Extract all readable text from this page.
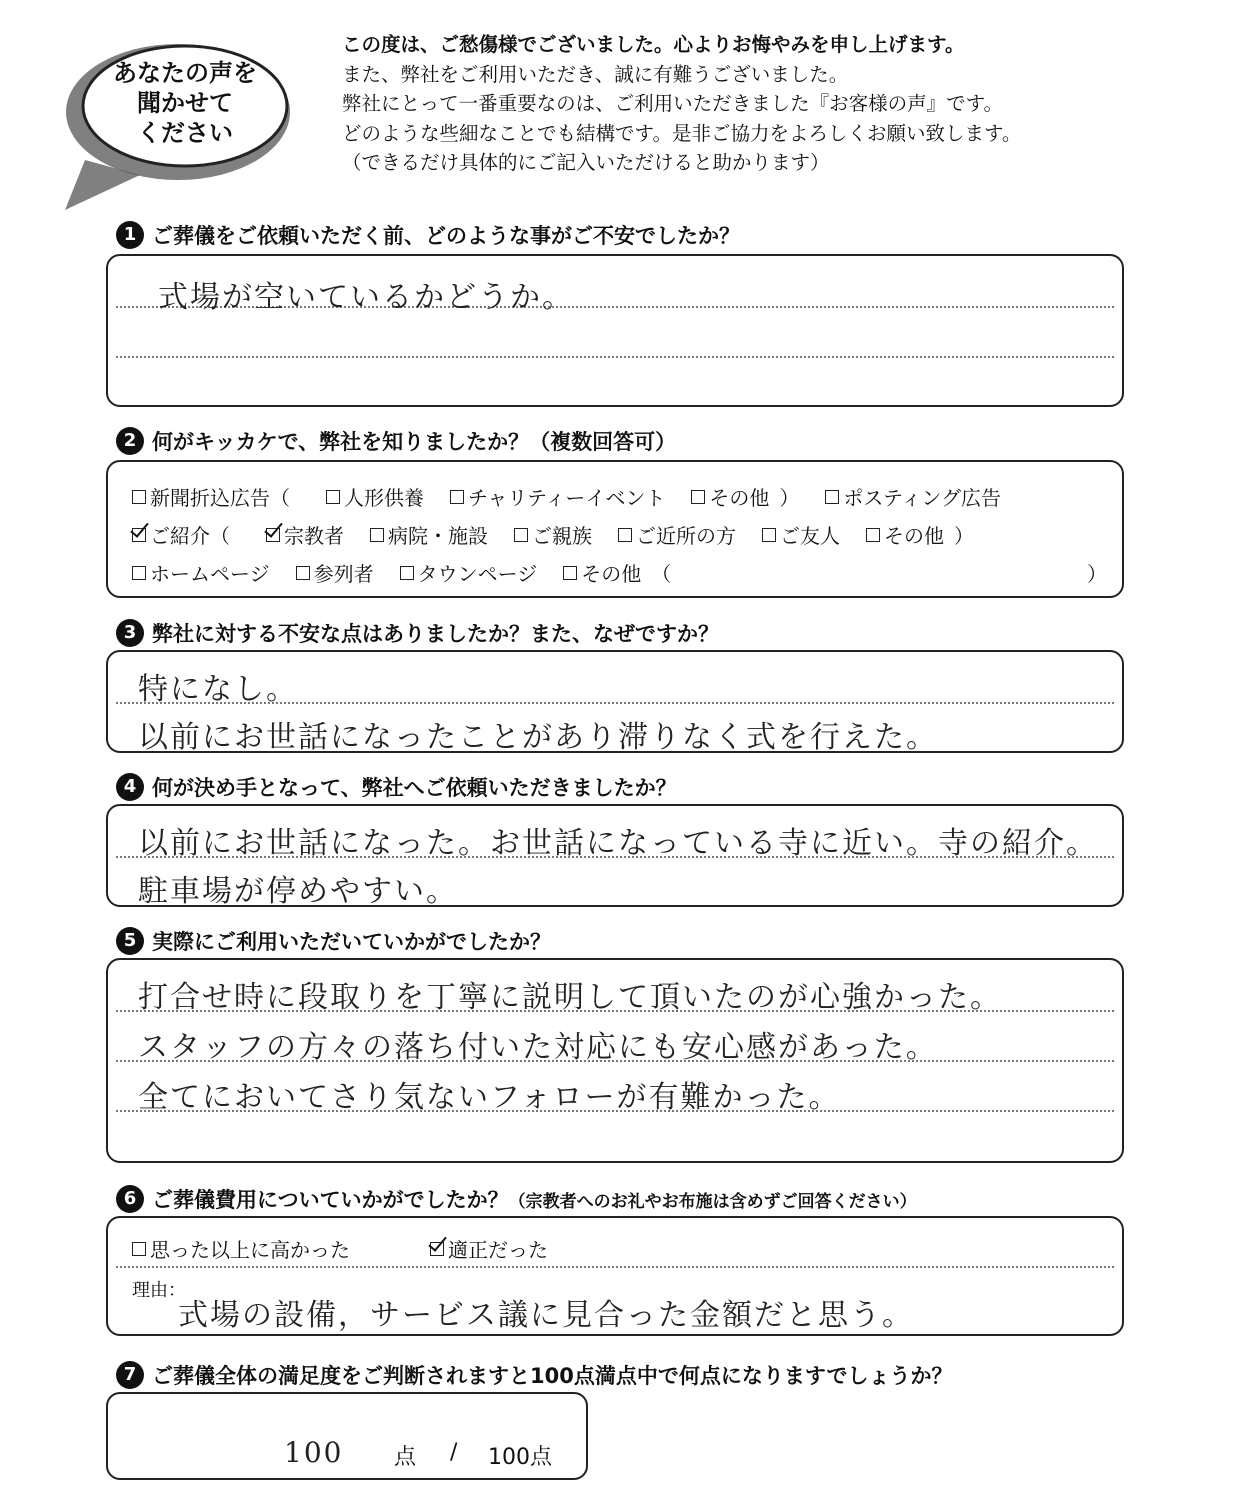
あなたの声を
聞かせて
ください
この度は、ご愁傷様でございました。心よりお悔やみを申し上げます。
また、弊社をご利用いただき、誠に有難うございました。
弊社にとって一番重要なのは、ご利用いただきました『お客様の声』です。
どのような些細なことでも結構です。是非ご協力をよろしくお願い致します。
（できるだけ具体的にご記入いただけると助かります）
1 ご葬儀をご依頼いただく前、どのような事がご不安でしたか？
式場が空いているかどうか。
2 何がキッカケで、弊社を知りましたか？（複数回答可）
新聞折込広告 （	人形供養 チャリティーイベント その他 ） ポスティング広告
ご紹介 （	宗教者 病院・施設 ご親族 ご近所の方 ご友人 その他 ）
ホームページ 参列者 タウンページ その他 （	）
3 弊社に対する不安な点はありましたか？また、なぜですか？
特になし。
以前にお世話になったことがあり滞りなく式を行えた。
4 何が決め手となって、弊社へご依頼いただきましたか？
以前にお世話になった。お世話になっている寺に近い。寺の紹介。
駐車場が停めやすい。
5 実際にご利用いただいていかがでしたか？
打合せ時に段取りを丁寧に説明して頂いたのが心強かった。
スタッフの方々の落ち付いた対応にも安心感があった。
全てにおいてさり気ないフォローが有難かった。
6 ご葬儀費用についていかがでしたか？ （宗教者へのお礼やお布施は含めずご回答ください）
思った以上に高かった	適正だった
理由：
式場の設備，サービス議に見合った金額だと思う。
7 ご葬儀全体の満足度をご判断されますと100点満点中で何点になりますでしょうか？
100 点 / 100点
